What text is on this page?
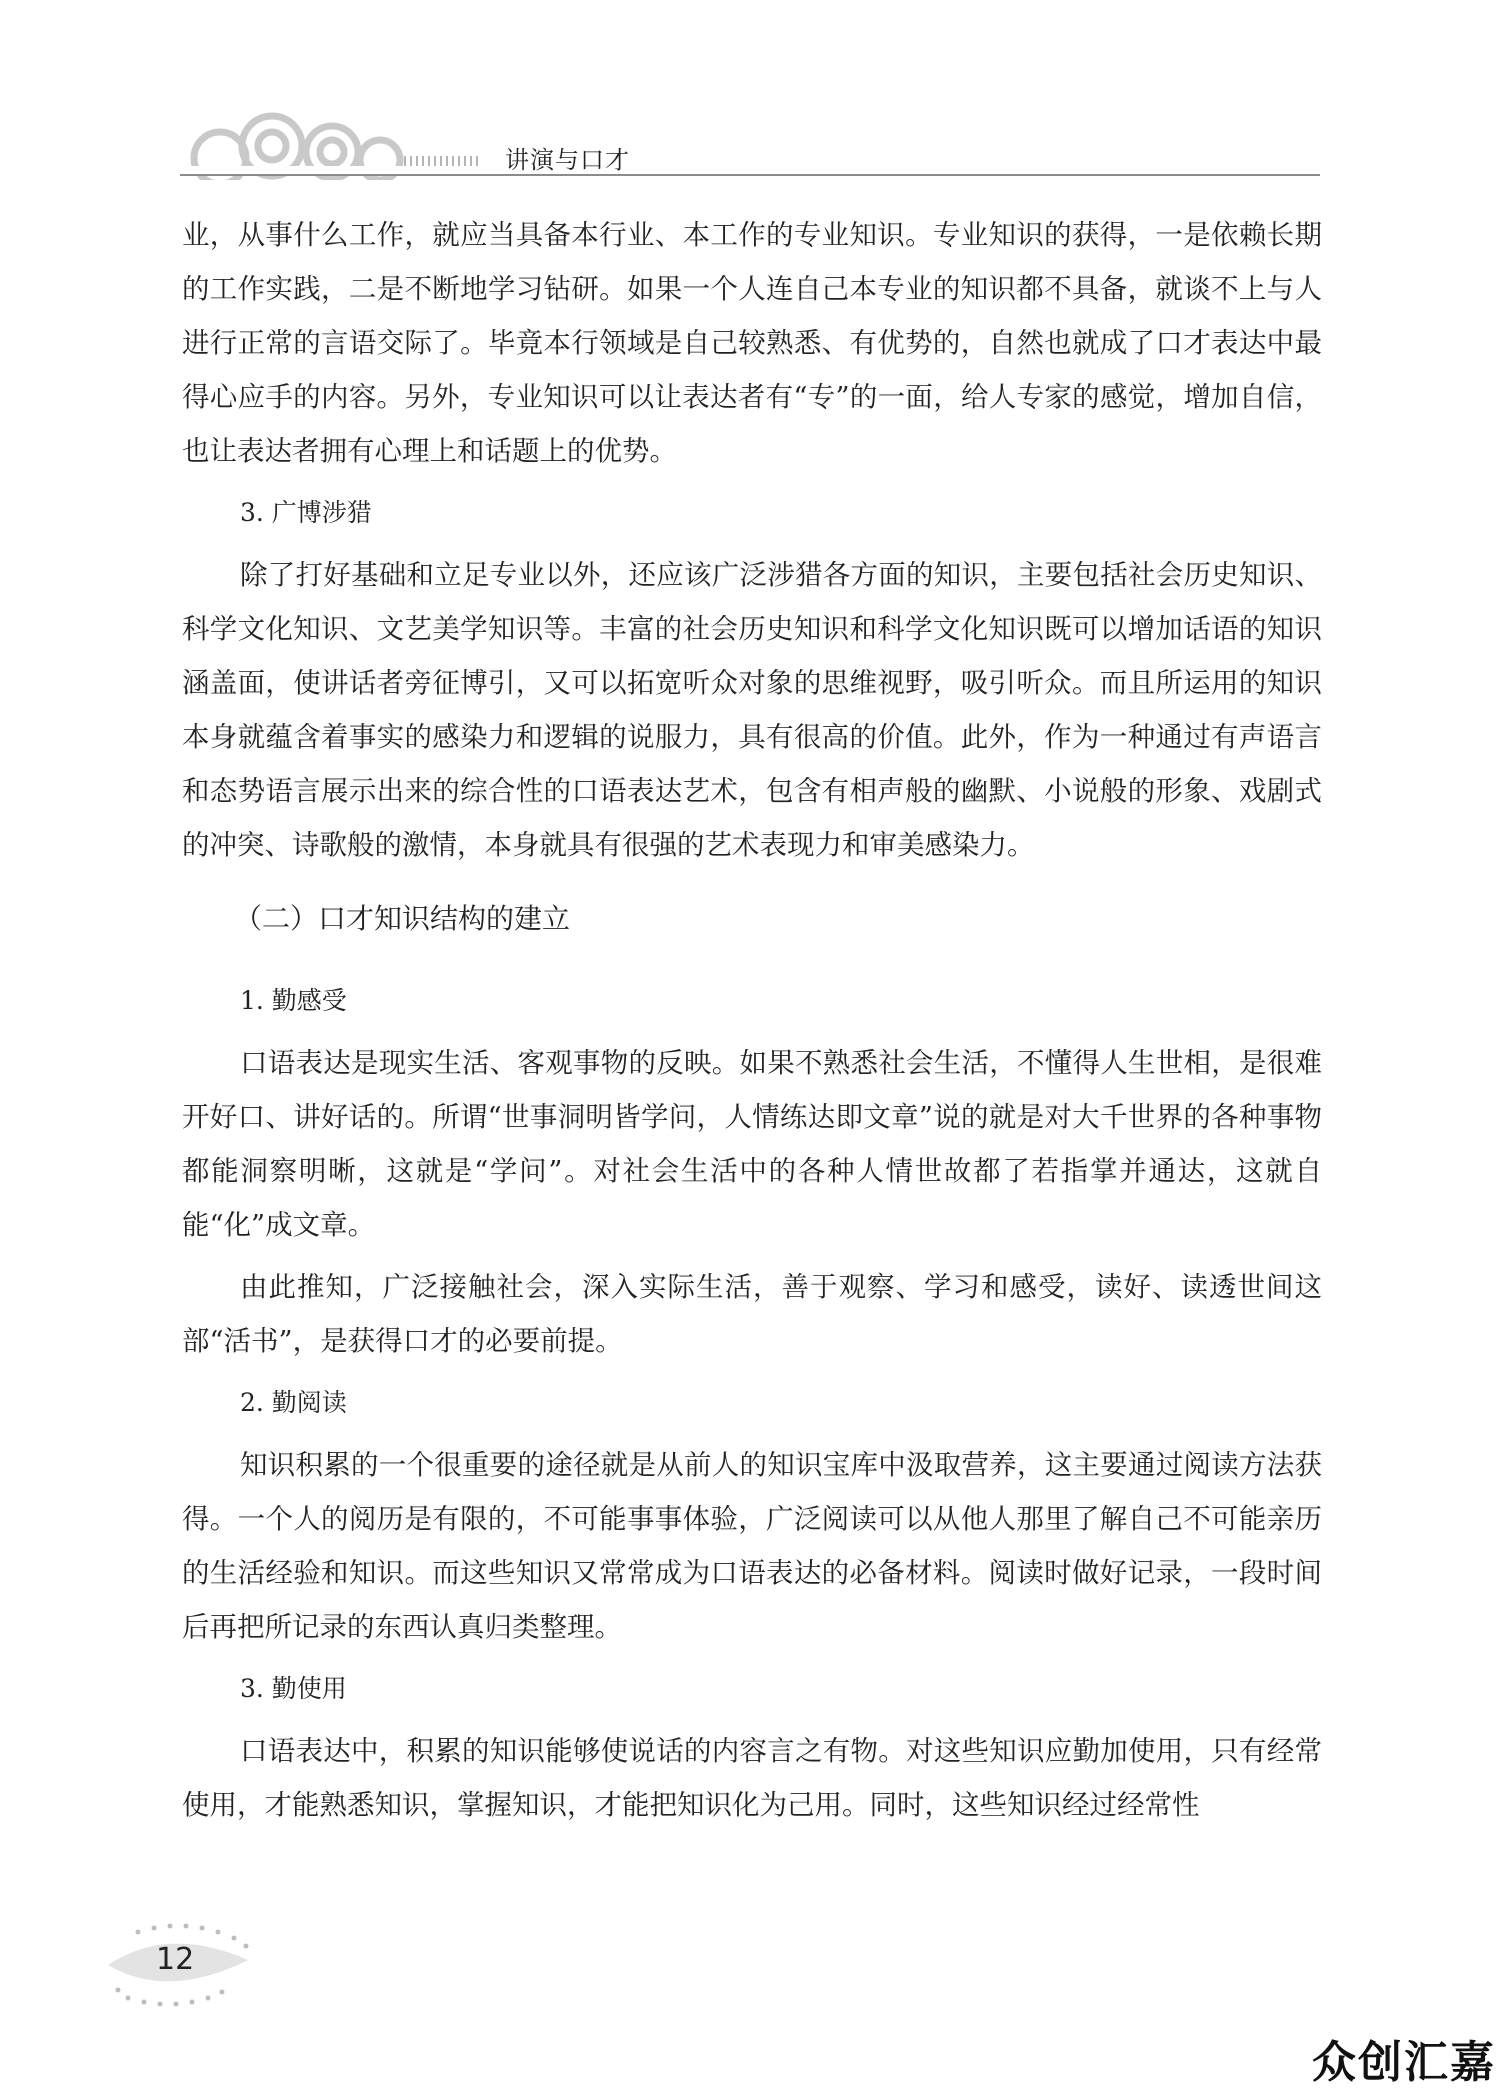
讲演与口才

业，从事什么工作，就应当具备本行业、本工作的专业知识。专业知识的获得，一是依赖长期的工作实践，二是不断地学习钻研。如果一个人连自己本专业的知识都不具备，就谈不上与人进行正常的言语交际了。毕竟本行领域是自己较熟悉、有优势的，自然也就成了口才表达中最得心应手的内容。另外，专业知识可以让表达者有“专”的一面，给人专家的感觉，增加自信，也让表达者拥有心理上和话题上的优势。

3. 广博涉猎

除了打好基础和立足专业以外，还应该广泛涉猎各方面的知识，主要包括社会历史知识、科学文化知识、文艺美学知识等。丰富的社会历史知识和科学文化知识既可以增加话语的知识涵盖面，使讲话者旁征博引，又可以拓宽听众对象的思维视野，吸引听众。而且所运用的知识本身就蕴含着事实的感染力和逻辑的说服力，具有很高的价值。此外，作为一种通过有声语言和态势语言展示出来的综合性的口语表达艺术，包含有相声般的幽默、小说般的形象、戏剧式的冲突、诗歌般的激情，本身就具有很强的艺术表现力和审美感染力。

（二）口才知识结构的建立

1. 勤感受

口语表达是现实生活、客观事物的反映。如果不熟悉社会生活，不懂得人生世相，是很难开好口、讲好话的。所谓“世事洞明皆学问，人情练达即文章”说的就是对大千世界的各种事物都能洞察明晰，这就是“学问”。对社会生活中的各种人情世故都了若指掌并通达，这就自能“化”成文章。

由此推知，广泛接触社会，深入实际生活，善于观察、学习和感受，读好、读透世间这部“活书”，是获得口才的必要前提。

2. 勤阅读

知识积累的一个很重要的途径就是从前人的知识宝库中汲取营养，这主要通过阅读方法获得。一个人的阅历是有限的，不可能事事体验，广泛阅读可以从他人那里了解自己不可能亲历的生活经验和知识。而这些知识又常常成为口语表达的必备材料。阅读时做好记录，一段时间后再把所记录的东西认真归类整理。

3. 勤使用

口语表达中，积累的知识能够使说话的内容言之有物。对这些知识应勤加使用，只有经常使用，才能熟悉知识，掌握知识，才能把知识化为己用。同时，这些知识经过经常性

12
众创汇嘉
